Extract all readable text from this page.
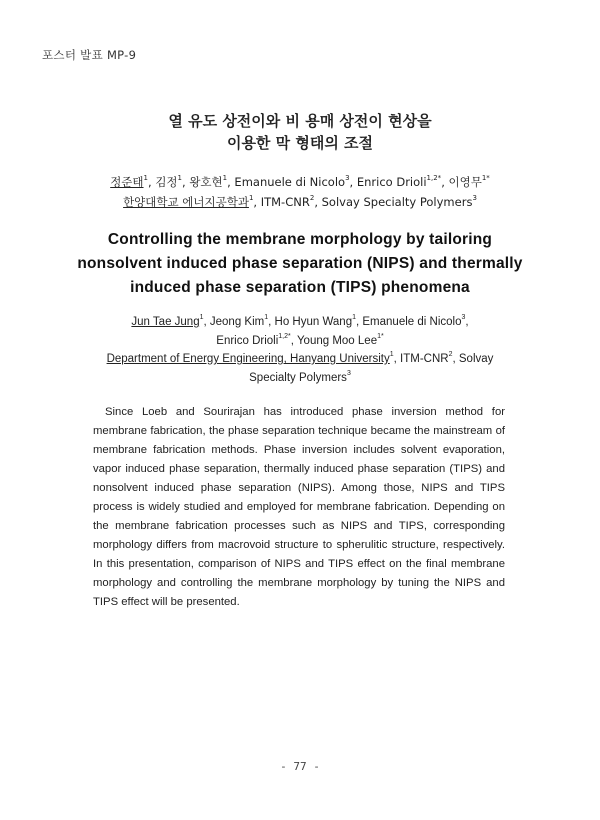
포스터 발표 MP-9
열 유도 상전이와 비 용매 상전이 현상을
이용한 막 형태의 조절
정준태$^1$, 김정$^1$, 왕호현$^1$, Emanuele di Nicolo$^3$, Enrico Drioli$^{1,2*}$, 이영무$^{1*}$
한양대학교 에너지공학과$^1$, ITM-CNR$^2$, Solvay Specialty Polymers$^3$
Controlling the membrane morphology by tailoring
nonsolvent induced phase separation (NIPS) and thermally
induced phase separation (TIPS) phenomena
Jun Tae Jung$^1$, Jeong Kim$^1$, Ho Hyun Wang$^1$, Emanuele di Nicolo$^3$,
Enrico Drioli$^{1,2*}$, Young Moo Lee$^{1*}$
Department of Energy Engineering, Hanyang University$^1$, ITM-CNR$^2$, Solvay
Specialty Polymers$^3$
Since Loeb and Sourirajan has introduced phase inversion method for membrane fabrication, the phase separation technique became the mainstream of membrane fabrication methods. Phase inversion includes solvent evaporation, vapor induced phase separation, thermally induced phase separation (TIPS) and nonsolvent induced phase separation (NIPS). Among those, NIPS and TIPS process is widely studied and employed for membrane fabrication. Depending on the membrane fabrication processes such as NIPS and TIPS, corresponding morphology differs from macrovoid structure to spherulitic structure, respectively. In this presentation, comparison of NIPS and TIPS effect on the final membrane morphology and controlling the membrane morphology by tuning the NIPS and TIPS effect will be presented.
- 77 -
